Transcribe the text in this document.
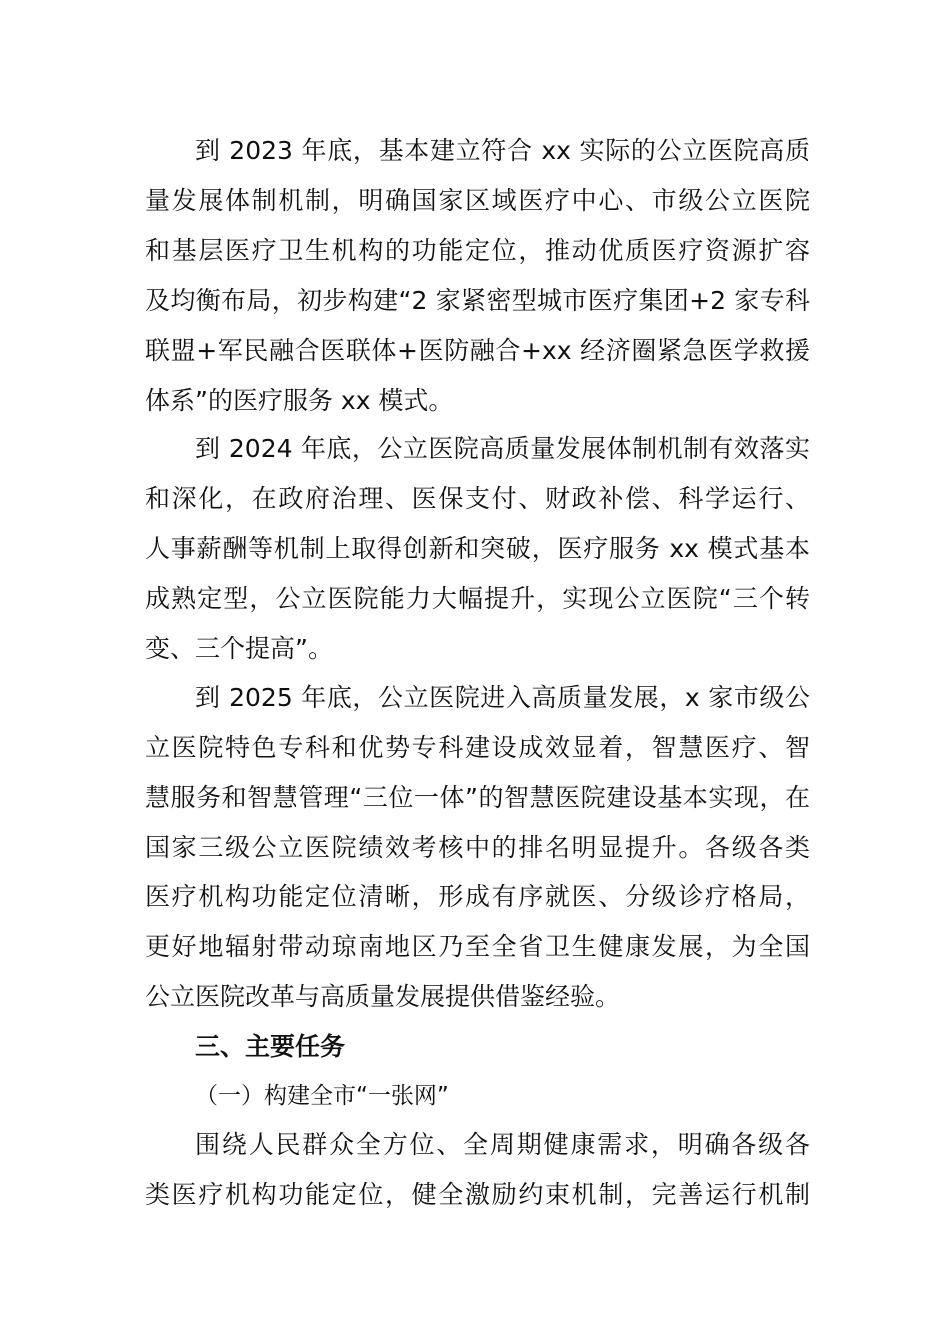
到 2023 年底，基本建立符合 xx 实际的公立医院高质
量发展体制机制，明确国家区域医疗中心、市级公立医院
和基层医疗卫生机构的功能定位，推动优质医疗资源扩容
及均衡布局，初步构建“2 家紧密型城市医疗集团+2 家专科
联盟+军民融合医联体+医防融合+xx 经济圈紧急医学救援
体系”的医疗服务 xx 模式。
到 2024 年底，公立医院高质量发展体制机制有效落实
和深化，在政府治理、医保支付、财政补偿、科学运行、
人事薪酬等机制上取得创新和突破，医疗服务 xx 模式基本
成熟定型，公立医院能力大幅提升，实现公立医院“三个转
变、三个提高”。
到 2025 年底，公立医院进入高质量发展，x 家市级公
立医院特色专科和优势专科建设成效显着，智慧医疗、智
慧服务和智慧管理“三位一体”的智慧医院建设基本实现，在
国家三级公立医院绩效考核中的排名明显提升。各级各类
医疗机构功能定位清晰，形成有序就医、分级诊疗格局，
更好地辐射带动琼南地区乃至全省卫生健康发展，为全国
公立医院改革与高质量发展提供借鉴经验。
三、主要任务
（一）构建全市“一张网”
围绕人民群众全方位、全周期健康需求，明确各级各
类医疗机构功能定位，健全激励约束机制，完善运行机制
